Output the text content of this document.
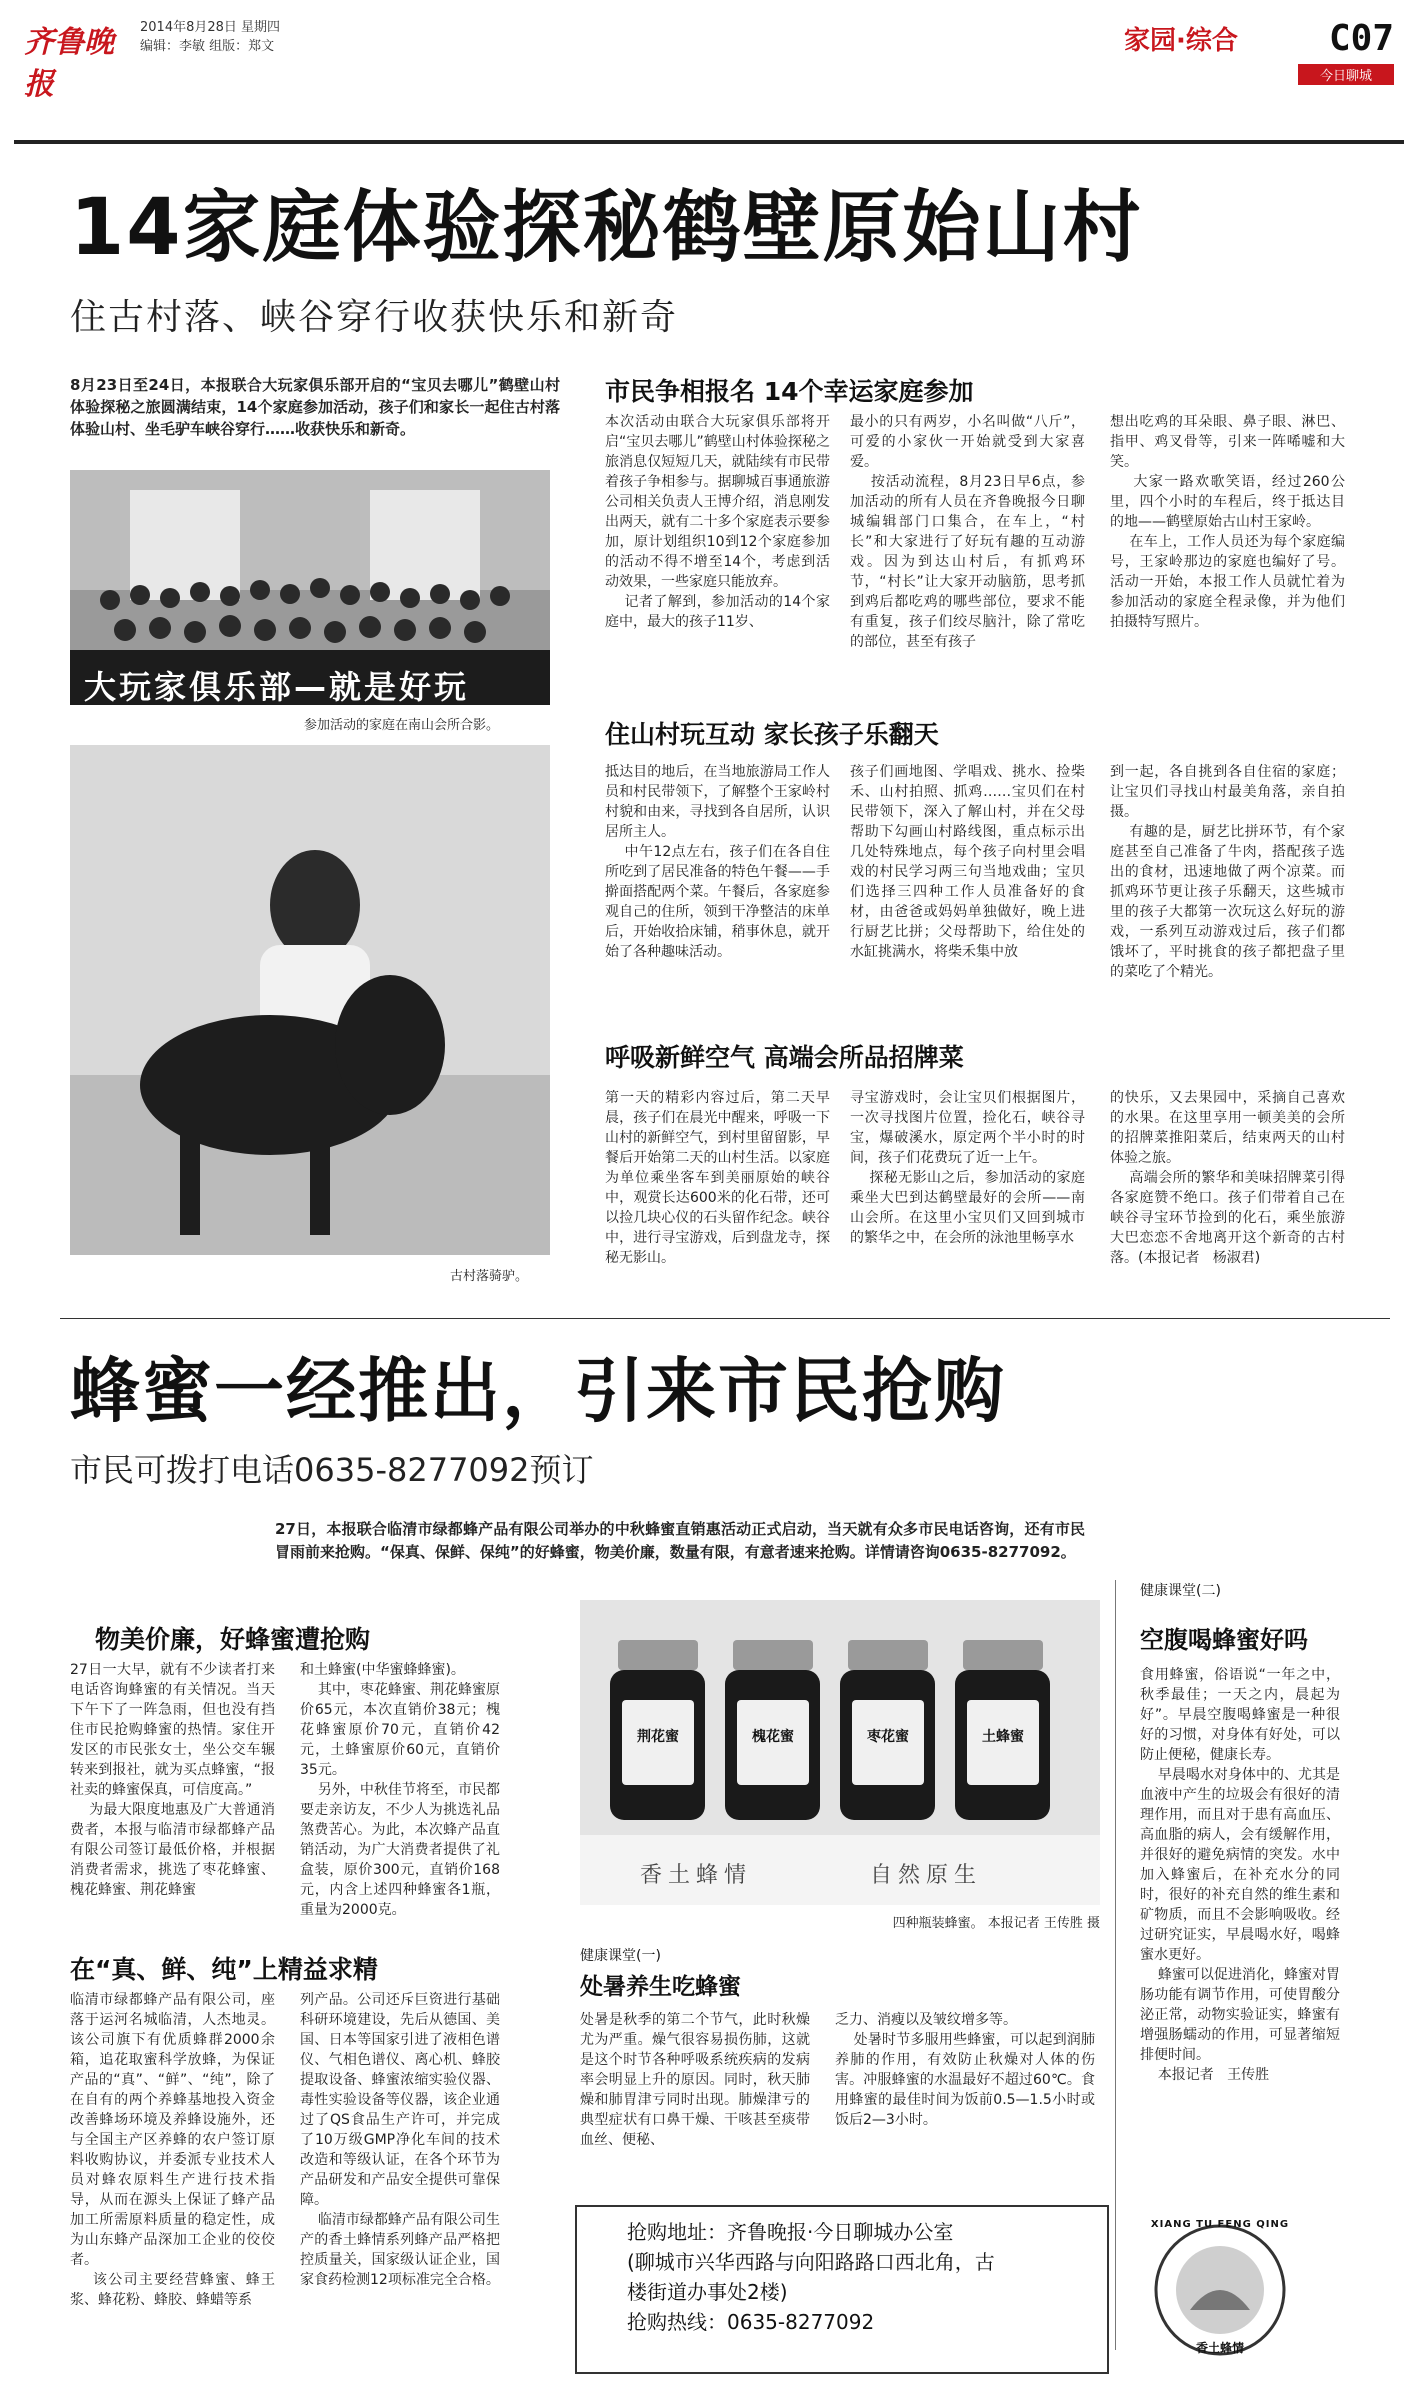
齐鲁晚报
2014年8月28日 星期四
编辑：李敏 组版：郑文	家园·综合	C07
今日聊城
14家庭体验探秘鹤壁原始山村
住古村落、峡谷穿行收获快乐和新奇
8月23日至24日，本报联合大玩家俱乐部开启的“宝贝去哪儿”鹤壁山村体验探秘之旅圆满结束，14个家庭参加活动，孩子们和家长一起住古村落体验山村、坐毛驴车峡谷穿行……收获快乐和新奇。
大玩家俱乐部—就是好玩
参加活动的家庭在南山会所合影。
古村落骑驴。
市民争相报名 14个幸运家庭参加
本次活动由联合大玩家俱乐部将开启“宝贝去哪儿”鹤壁山村体验探秘之旅消息仅短短几天，就陆续有市民带着孩子争相参与。据聊城百事通旅游公司相关负责人王博介绍，消息刚发出两天，就有二十多个家庭表示要参加，原计划组织10到12个家庭参加的活动不得不增至14个，考虑到活动效果，一些家庭只能放弃。
记者了解到，参加活动的14个家庭中，最大的孩子11岁、
最小的只有两岁，小名叫做“八斤”，可爱的小家伙一开始就受到大家喜爱。
按活动流程，8月23日早6点，参加活动的所有人员在齐鲁晚报今日聊城编辑部门口集合，在车上，“村长”和大家进行了好玩有趣的互动游戏。因为到达山村后，有抓鸡环节，“村长”让大家开动脑筋，思考抓到鸡后都吃鸡的哪些部位，要求不能有重复，孩子们绞尽脑汁，除了常吃的部位，甚至有孩子
想出吃鸡的耳朵眼、鼻子眼、淋巴、指甲、鸡叉骨等，引来一阵唏嘘和大笑。
大家一路欢歌笑语，经过260公里，四个小时的车程后，终于抵达目的地——鹤壁原始古山村王家岭。
在车上，工作人员还为每个家庭编号，王家岭那边的家庭也编好了号。活动一开始，本报工作人员就忙着为参加活动的家庭全程录像，并为他们拍摄特写照片。
住山村玩互动 家长孩子乐翻天
抵达目的地后，在当地旅游局工作人员和村民带领下，了解整个王家岭村村貌和由来，寻找到各自居所，认识居所主人。
中午12点左右，孩子们在各自住所吃到了居民准备的特色午餐——手擀面搭配两个菜。午餐后，各家庭参观自己的住所，领到干净整洁的床单后，开始收拾床铺，稍事休息，就开始了各种趣味活动。
孩子们画地图、学唱戏、挑水、捡柴禾、山村拍照、抓鸡……宝贝们在村民带领下，深入了解山村，并在父母帮助下勾画山村路线图，重点标示出几处特殊地点，每个孩子向村里会唱戏的村民学习两三句当地戏曲；宝贝们选择三四种工作人员准备好的食材，由爸爸或妈妈单独做好，晚上进行厨艺比拼；父母帮助下，给住处的水缸挑满水，将柴禾集中放
到一起，各自挑到各自住宿的家庭；让宝贝们寻找山村最美角落，亲自拍摄。
有趣的是，厨艺比拼环节，有个家庭甚至自己准备了牛肉，搭配孩子选出的食材，迅速地做了两个凉菜。而抓鸡环节更让孩子乐翻天，这些城市里的孩子大都第一次玩这么好玩的游戏，一系列互动游戏过后，孩子们都饿坏了，平时挑食的孩子都把盘子里的菜吃了个精光。
呼吸新鲜空气 高端会所品招牌菜
第一天的精彩内容过后，第二天早晨，孩子们在晨光中醒来，呼吸一下山村的新鲜空气，到村里留留影，早餐后开始第二天的山村生活。以家庭为单位乘坐客车到美丽原始的峡谷中，观赏长达600米的化石带，还可以捡几块心仪的石头留作纪念。峡谷中，进行寻宝游戏，后到盘龙寺，探秘无影山。
寻宝游戏时，会让宝贝们根据图片，一次寻找图片位置，捡化石，峡谷寻宝，爆破溪水，原定两个半小时的时间，孩子们花费玩了近一上午。
探秘无影山之后，参加活动的家庭乘坐大巴到达鹤壁最好的会所——南山会所。在这里小宝贝们又回到城市的繁华之中，在会所的泳池里畅享水
的快乐，又去果园中，采摘自己喜欢的水果。在这里享用一顿美美的会所的招牌菜推阳菜后，结束两天的山村体验之旅。
高端会所的繁华和美味招牌菜引得各家庭赞不绝口。孩子们带着自己在峡谷寻宝环节捡到的化石，乘坐旅游大巴恋恋不舍地离开这个新奇的古村落。(本报记者   杨淑君)
蜂蜜一经推出，引来市民抢购
市民可拨打电话0635-8277092预订
27日，本报联合临清市绿都蜂产品有限公司举办的中秋蜂蜜直销惠活动正式启动，当天就有众多市民电话咨询，还有市民冒雨前来抢购。“保真、保鲜、保纯”的好蜂蜜，物美价廉，数量有限，有意者速来抢购。详情请咨询0635-8277092。
物美价廉，好蜂蜜遭抢购
27日一大早，就有不少读者打来电话咨询蜂蜜的有关情况。当天下午下了一阵急雨，但也没有挡住市民抢购蜂蜜的热情。家住开发区的市民张女士，坐公交车辗转来到报社，就为买点蜂蜜，“报社卖的蜂蜜保真，可信度高。”
为最大限度地惠及广大普通消费者，本报与临清市绿都蜂产品有限公司签订最低价格，并根据消费者需求，挑选了枣花蜂蜜、槐花蜂蜜、荆花蜂蜜
和土蜂蜜(中华蜜蜂蜂蜜)。
其中，枣花蜂蜜、荆花蜂蜜原价65元，本次直销价38元；槐花蜂蜜原价70元，直销价42元，土蜂蜜原价60元，直销价35元。
另外，中秋佳节将至，市民都要走亲访友，不少人为挑选礼品煞费苦心。为此，本次蜂产品直销活动，为广大消费者提供了礼盒装，原价300元，直销价168元，内含上述四种蜂蜜各1瓶，重量为2000克。
在“真、鲜、纯”上精益求精
临清市绿都蜂产品有限公司，座落于运河名城临清，人杰地灵。该公司旗下有优质蜂群2000余箱，追花取蜜科学放蜂，为保证产品的“真”、“鲜”、“纯”，除了在自有的两个养蜂基地投入资金改善蜂场环境及养蜂设施外，还与全国主产区养蜂的农户签订原料收购协议，并委派专业技术人员对蜂农原料生产进行技术指导，从而在源头上保证了蜂产品加工所需原料质量的稳定性，成为山东蜂产品深加工企业的佼佼者。
该公司主要经营蜂蜜、蜂王浆、蜂花粉、蜂胶、蜂蜡等系
列产品。公司还斥巨资进行基础科研环境建设，先后从德国、美国、日本等国家引进了液相色谱仪、气相色谱仪、离心机、蜂胶提取设备、蜂蜜浓缩实验仪器、毒性实验设备等仪器，该企业通过了QS食品生产许可，并完成了10万级GMP净化车间的技术改造和等级认证，在各个环节为产品研发和产品安全提供可靠保障。
临清市绿都蜂产品有限公司生产的香土蜂情系列蜂产品严格把控质量关，国家级认证企业，国家食药检测12项标准完全合格。
荆花蜜	槐花蜜	枣花蜜	土蜂蜜
香土蜂情	自然原生
四种瓶装蜂蜜。 本报记者 王传胜 摄
健康课堂(一)
处暑养生吃蜂蜜
处暑是秋季的第二个节气，此时秋燥尤为严重。燥气很容易损伤肺，这就是这个时节各种呼吸系统疾病的发病率会明显上升的原因。同时，秋天肺燥和肺胃津亏同时出现。肺燥津亏的典型症状有口鼻干燥、干咳甚至痰带血丝、便秘、
乏力、消瘦以及皱纹增多等。
处暑时节多服用些蜂蜜，可以起到润肺养肺的作用，有效防止秋燥对人体的伤害。冲服蜂蜜的水温最好不超过60℃。食用蜂蜜的最佳时间为饭前0.5—1.5小时或饭后2—3小时。
抢购地址：齐鲁晚报·今日聊城办公室
(聊城市兴华西路与向阳路路口西北角，古
楼街道办事处2楼)
抢购热线：0635-8277092
健康课堂(二)
空腹喝蜂蜜好吗
食用蜂蜜，俗语说“一年之中，秋季最佳；一天之内，晨起为好”。早晨空腹喝蜂蜜是一种很好的习惯，对身体有好处，可以防止便秘，健康长寿。
早晨喝水对身体中的、尤其是血液中产生的垃圾会有很好的清理作用，而且对于患有高血压、高血脂的病人，会有缓解作用，并很好的避免病情的突发。水中加入蜂蜜后，在补充水分的同时，很好的补充自然的维生素和矿物质，而且不会影响吸收。经过研究证实，早晨喝水好，喝蜂蜜水更好。
蜂蜜可以促进消化，蜂蜜对胃肠功能有调节作用，可使胃酸分泌正常，动物实验证实，蜂蜜有增强肠蠕动的作用，可显著缩短排便时间。
本报记者   王传胜
XIANG TU FENG QING
香土蜂情
